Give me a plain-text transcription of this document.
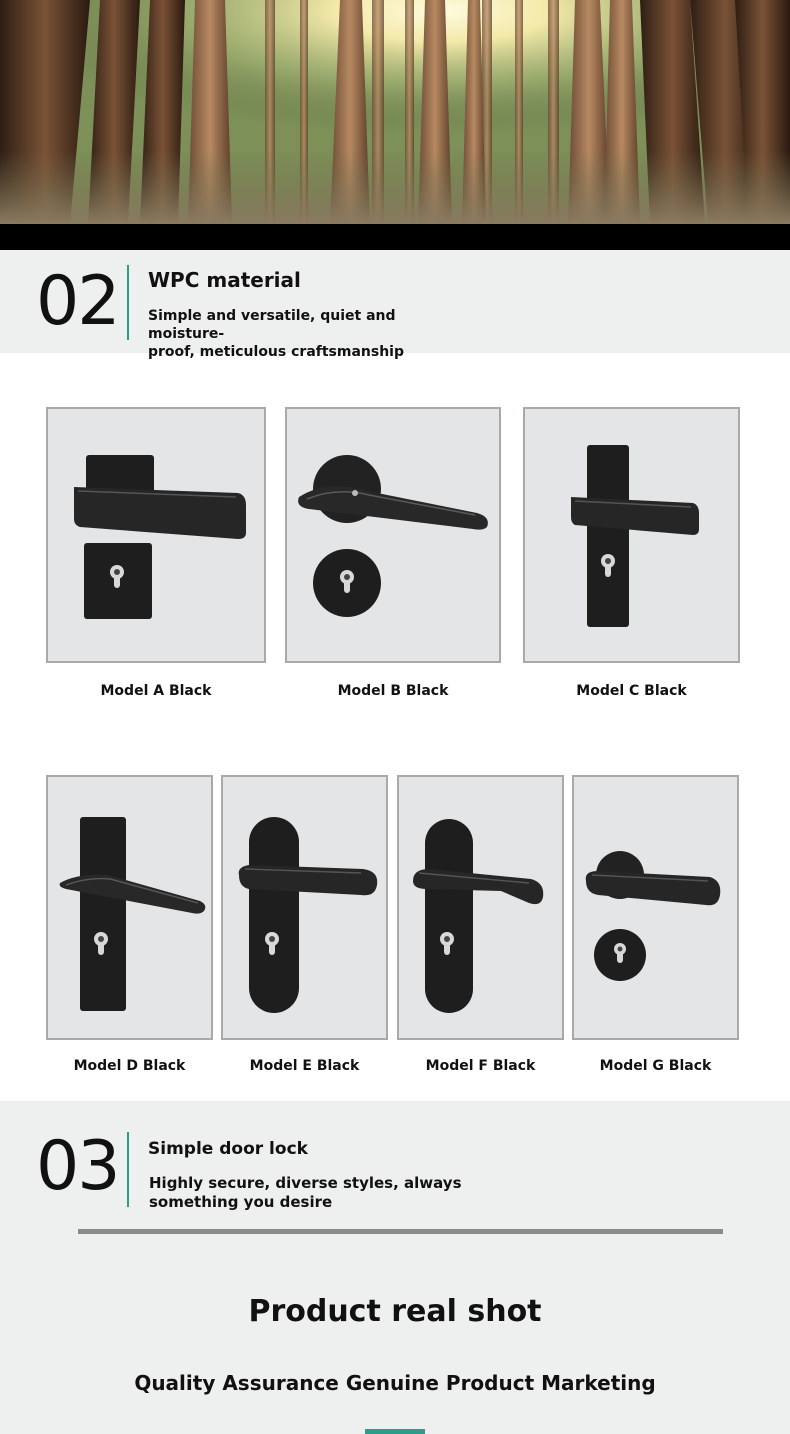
02 WPC material
Simple and versatile, quiet and moisture-
proof, meticulous craftsmanship
Model A Black	Model B Black	Model C Black
Model D Black	Model E Black	Model F Black	Model G Black
03 Simple door lock
Highly secure, diverse styles, always
something you desire
Product real shot
Quality Assurance Genuine Product Marketing
